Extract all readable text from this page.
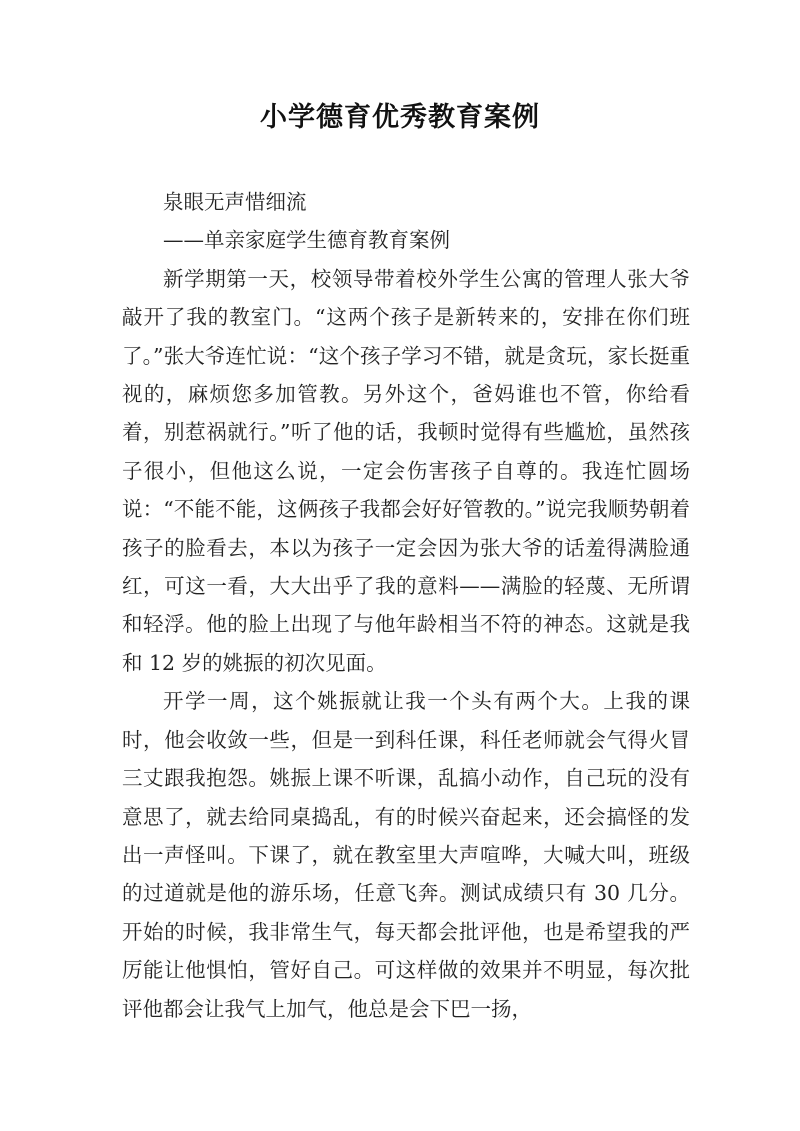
小学德育优秀教育案例

泉眼无声惜细流

——单亲家庭学生德育教育案例

新学期第一天，校领导带着校外学生公寓的管理人张大爷敲开了我的教室门。“这两个孩子是新转来的，安排在你们班了。”张大爷连忙说：“这个孩子学习不错，就是贪玩，家长挺重视的，麻烦您多加管教。另外这个，爸妈谁也不管，你给看着，别惹祸就行。”听了他的话，我顿时觉得有些尴尬，虽然孩子很小，但他这么说，一定会伤害孩子自尊的。我连忙圆场说：“不能不能，这俩孩子我都会好好管教的。”说完我顺势朝着孩子的脸看去，本以为孩子一定会因为张大爷的话羞得满脸通红，可这一看，大大出乎了我的意料——满脸的轻蔑、无所谓和轻浮。他的脸上出现了与他年龄相当不符的神态。这就是我和 12 岁的姚振的初次见面。

开学一周，这个姚振就让我一个头有两个大。上我的课时，他会收敛一些，但是一到科任课，科任老师就会气得火冒三丈跟我抱怨。姚振上课不听课，乱搞小动作，自己玩的没有意思了，就去给同桌捣乱，有的时候兴奋起来，还会搞怪的发出一声怪叫。下课了，就在教室里大声喧哗，大喊大叫，班级的过道就是他的游乐场，任意飞奔。测试成绩只有 30 几分。开始的时候，我非常生气，每天都会批评他，也是希望我的严厉能让他惧怕，管好自己。可这样做的效果并不明显，每次批评他都会让我气上加气，他总是会下巴一扬，
